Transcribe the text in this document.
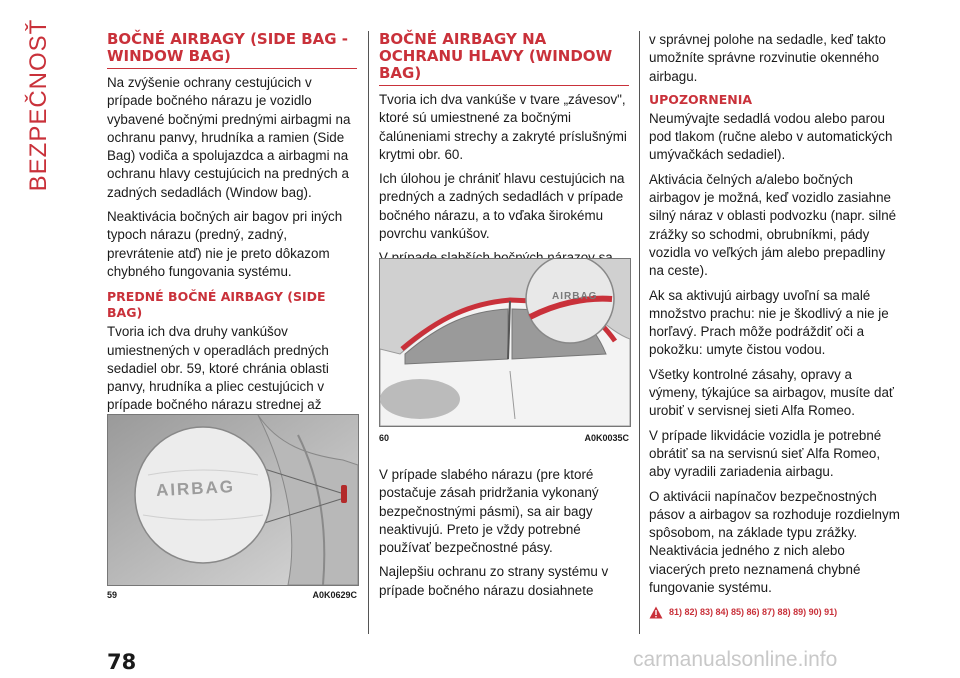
BEZPEČNOSŤ	BOČNÉ AIRBAGY (SIDE BAG - WINDOW BAG)

Na zvýšenie ochrany cestujúcich v prípade bočného nárazu je vozidlo vybavené bočnými prednými airbagmi na ochranu panvy, hrudníka a ramien (Side Bag) vodiča a spolujazdca a airbagmi na ochranu hlavy cestujúcich na predných a zadných sedadlách (Window bag).

Neaktivácia bočných air bagov pri iných typoch nárazu (predný, zadný, prevrátenie atď) nie je preto dôkazom chybného fungovania systému.

PREDNÉ BOČNÉ AIRBAGY (SIDE BAG)

Tvoria ich dva druhy vankúšov umiestnených v operadlách predných sedadiel obr. 59, ktoré chránia oblasti panvy, hrudníka a pliec cestujúcich v prípade bočného nárazu strednej až

AIRBAG
59	A0K0629C
BOČNÉ AIRBAGY NA OCHRANU HLAVY (WINDOW BAG)

Tvoria ich dva vankúše v tvare „závesov", ktoré sú umiestnené za bočnými čalúneniami strechy a zakryté príslušnými krytmi obr. 60.

Ich úlohou je chrániť hlavu cestujúcich na predných a zadných sedadlách v prípade bočného nárazu, a to vďaka širokému povrchu vankúšov.

AIRBAG
60	A0K0035C

V prípade slabého nárazu (pre ktoré postačuje zásah pridržania vykonaný bezpečnostnými pásmi), sa air bagy neaktivujú. Preto je vždy potrebné používať bezpečnostné pásy.

Najlepšiu ochranu zo strany systému v prípade bočného nárazu dosiahnete

v správnej polohe na sedadle, keď takto umožníte správne rozvinutie okenného airbagu.

UPOZORNENIA

Neumývajte sedadlá vodou alebo parou pod tlakom (ručne alebo v automatických umývačkách sedadiel).

Aktivácia čelných a/alebo bočných airbagov je možná, keď vozidlo zasiahne silný náraz v oblasti podvozku (napr. silné zrážky so schodmi, obrubníkmi, pády vozidla vo veľkých jám alebo prepadliny na ceste).

Ak sa aktivujú airbagy uvoľní sa malé množstvo prachu: nie je škodlivý a nie je horľavý. Prach môže podráždiť oči a pokožku: umyte čistou vodou.

Všetky kontrolné zásahy, opravy a výmeny, týkajúce sa airbagov, musíte dať urobiť v servisnej sieti Alfa Romeo.

V prípade likvidácie vozidla je potrebné obrátiť sa na servisnú sieť Alfa Romeo, aby vyradili zariadenia airbagu.

O aktivácii napínačov bezpečnostných pásov a airbagov sa rozhoduje rozdielnym spôsobom, na základe typu zrážky. Neaktivácia jedného z nich alebo viacerých preto neznamená chybné fungovanie systému.

81) 82) 83) 84) 85) 86) 87) 88) 89) 90) 91)
78	carmanualsonline.info
